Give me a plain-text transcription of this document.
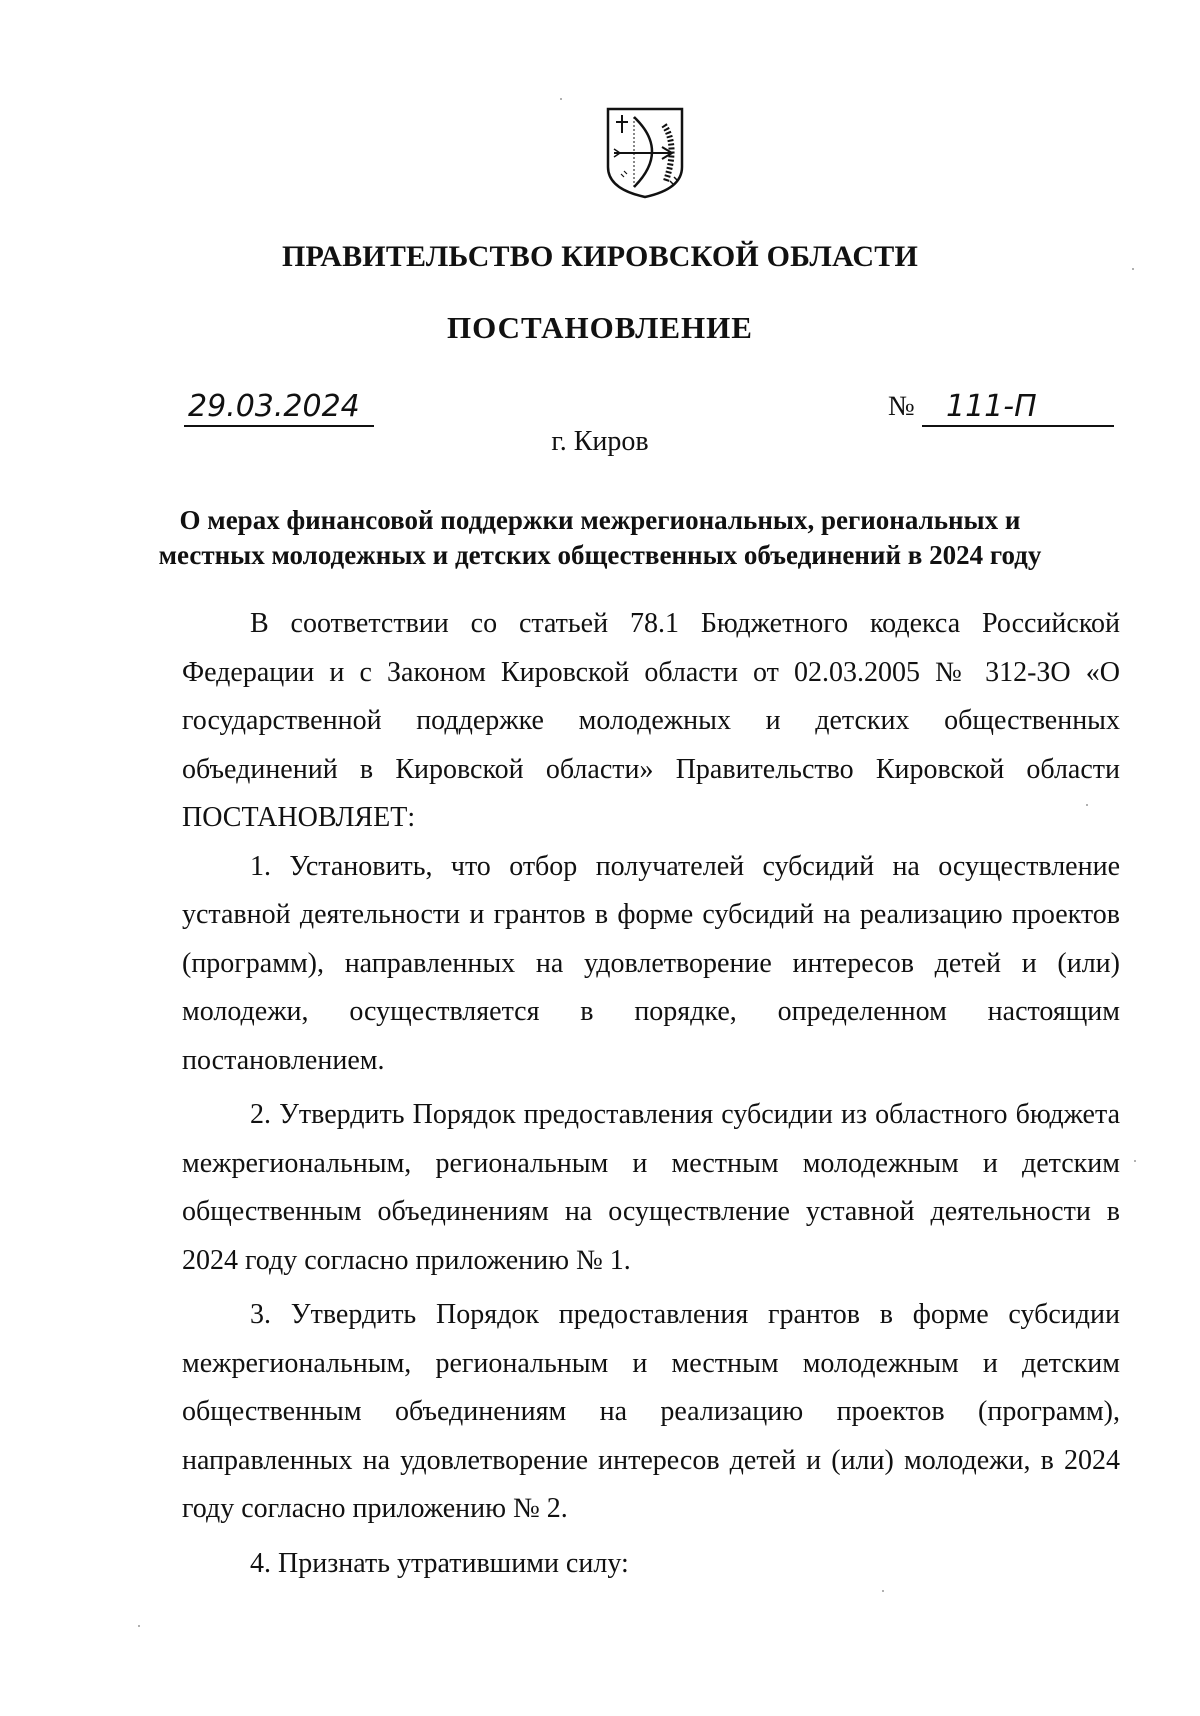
ПРАВИТЕЛЬСТВО КИРОВСКОЙ ОБЛАСТИ
ПОСТАНОВЛЕНИЕ
29.03.2024	№	111-П
г. Киров
О мерах финансовой поддержки межрегиональных, региональных и
местных молодежных и детских общественных объединений в 2024 году

В соответствии со статьей 78.1 Бюджетного кодекса Российской Федерации и с Законом Кировской области от 02.03.2005 № 312-ЗО «О государственной поддержке молодежных и детских общественных объединений в Кировской области» Правительство Кировской области ПОСТАНОВЛЯЕТ:

1. Установить, что отбор получателей субсидий на осуществление уставной деятельности и грантов в форме субсидий на реализацию проектов (программ), направленных на удовлетворение интересов детей и (или) молодежи, осуществляется в порядке, определенном настоящим постановлением.

2. Утвердить Порядок предоставления субсидии из областного бюджета межрегиональным, региональным и местным молодежным и детским общественным объединениям на осуществление уставной деятельности в 2024 году согласно приложению № 1.

3. Утвердить Порядок предоставления грантов в форме субсидии межрегиональным, региональным и местным молодежным и детским общественным объединениям на реализацию проектов (программ), направленных на удовлетворение интересов детей и (или) молодежи, в 2024 году согласно приложению № 2.

4. Признать утратившими силу:
